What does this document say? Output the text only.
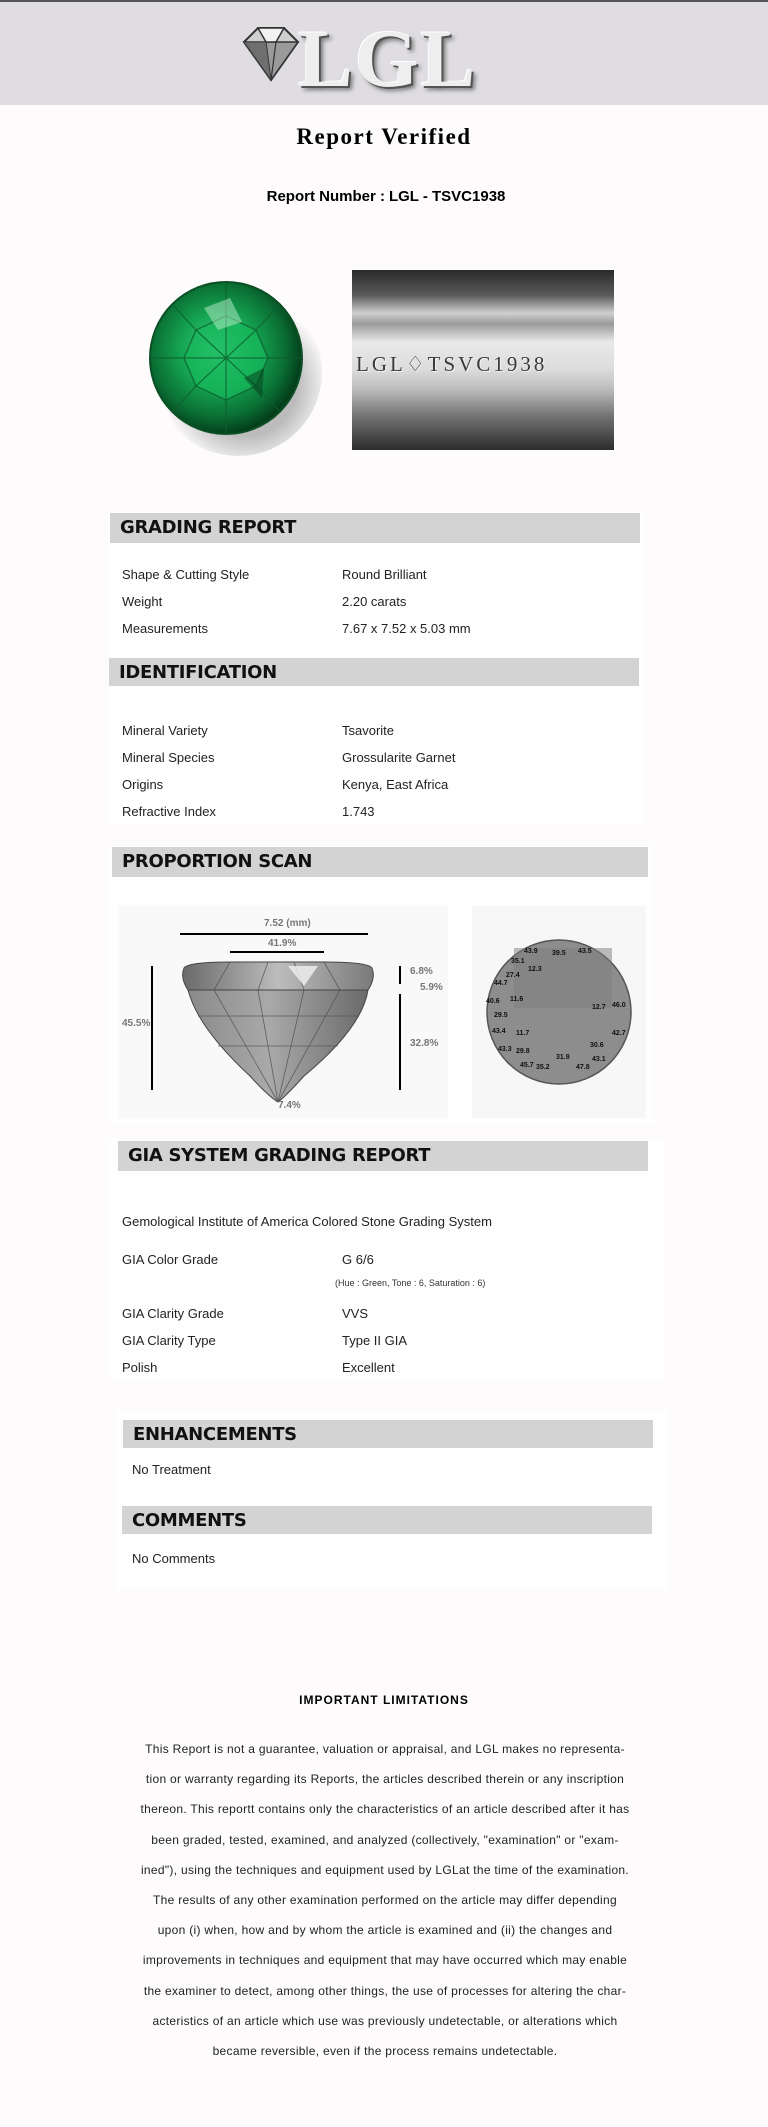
LGL
Report Verified
Report Number : LGL - TSVC1938
LGL♢TSVC1938
GRADING REPORT
Shape & Cutting Style	Round Brilliant
Weight	2.20 carats
Measurements	7.67 x 7.52 x 5.03 mm
IDENTIFICATION
Mineral Variety	Tsavorite
Mineral Species	Grossularite Garnet
Origins	Kenya, East Africa
Refractive Index	1.743
PROPORTION SCAN
7.52 (mm)
41.9%
45.5%
6.8%
5.9%
32.8%
7.4%
43.9 39.5 43.5
35.1
27.4
12.3
44.7
40.6 11.6
12.7 46.0
29.5
43.4 11.7	42.7
43.3 29.8
31.9
30.6
43.1
35.2
45.7	47.8
GIA SYSTEM GRADING REPORT
Gemological Institute of America Colored Stone Grading System
GIA Color Grade	G 6/6
(Hue : Green, Tone : 6, Saturation : 6)
GIA Clarity Grade	VVS
GIA Clarity Type	Type II GIA
Polish	Excellent
ENHANCEMENTS
No Treatment
COMMENTS
No Comments
IMPORTANT LIMITATIONS
This Report is not a guarantee, valuation or appraisal, and LGL makes no representa-
tion or warranty regarding its Reports, the articles described therein or any inscription
thereon. This reportt contains only the characteristics of an article described after it has
been graded, tested, examined, and analyzed (collectively, "examination" or "exam-
ined"), using the techniques and equipment used by LGLat the time of the examination.
The results of any other examination performed on the article may differ depending
upon (i) when, how and by whom the article is examined and (ii) the changes and
improvements in techniques and equipment that may have occurred which may enable
the examiner to detect, among other things, the use of processes for altering the char-
acteristics of an article which use was previously undetectable, or alterations which
became reversible, even if the process remains undetectable.
